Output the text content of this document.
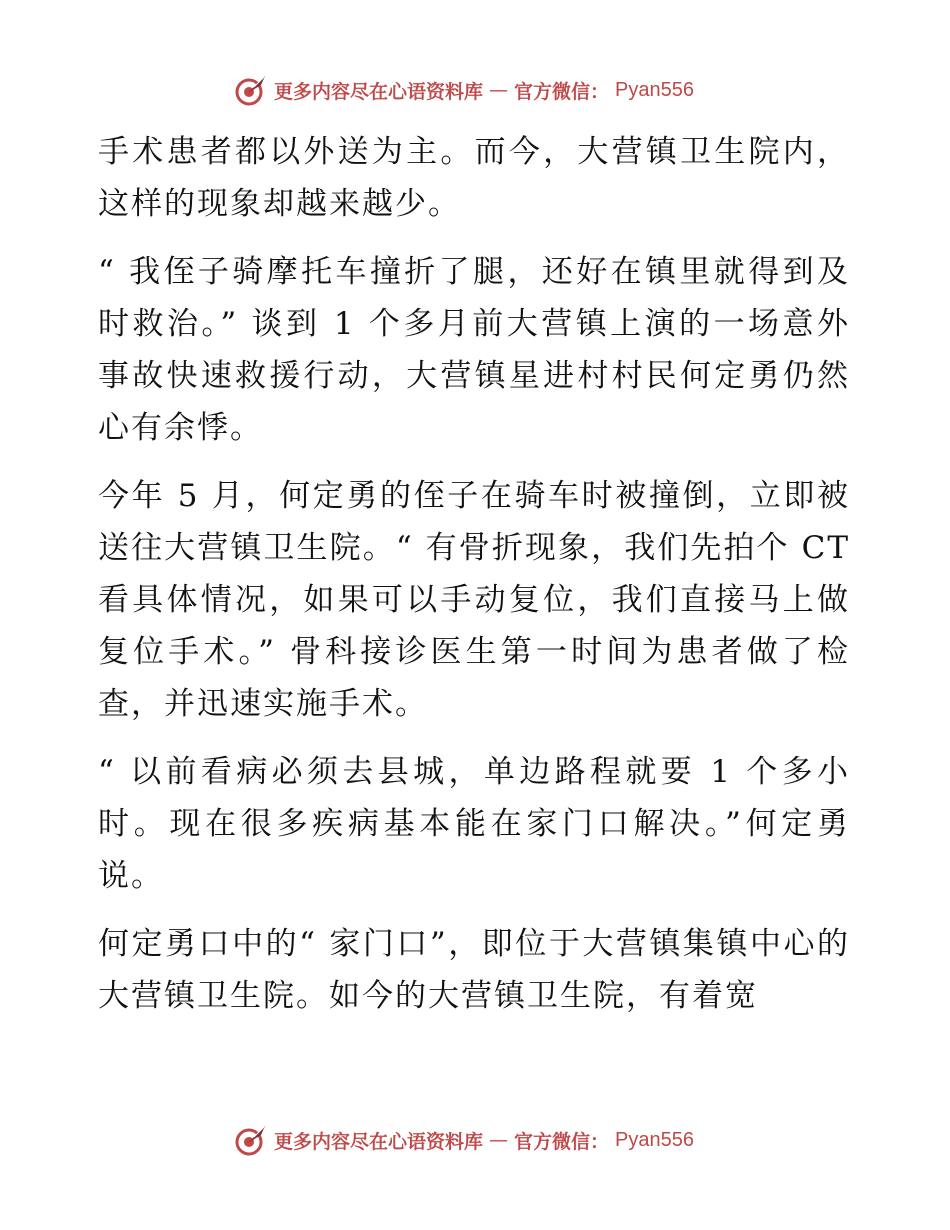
更多内容尽在心语资料库 — 官方微信： Pyan556

手术患者都以外送为主。而今，大营镇卫生院内，这样的现象却越来越少。

“ 我侄子骑摩托车撞折了腿，还好在镇里就得到及时救治。” 谈到 1 个多月前大营镇上演的一场意外事故快速救援行动，大营镇星进村村民何定勇仍然心有余悸。

今年 5 月，何定勇的侄子在骑车时被撞倒，立即被送往大营镇卫生院。“ 有骨折现象，我们先拍个 CT 看具体情况，如果可以手动复位，我们直接马上做复位手术。” 骨科接诊医生第一时间为患者做了检查，并迅速实施手术。

“ 以前看病必须去县城，单边路程就要 1 个多小时。现在很多疾病基本能在家门口解决。”何定勇说。

何定勇口中的“ 家门口”，即位于大营镇集镇中心的大营镇卫生院。如今的大营镇卫生院，有着宽

更多内容尽在心语资料库 — 官方微信： Pyan556
